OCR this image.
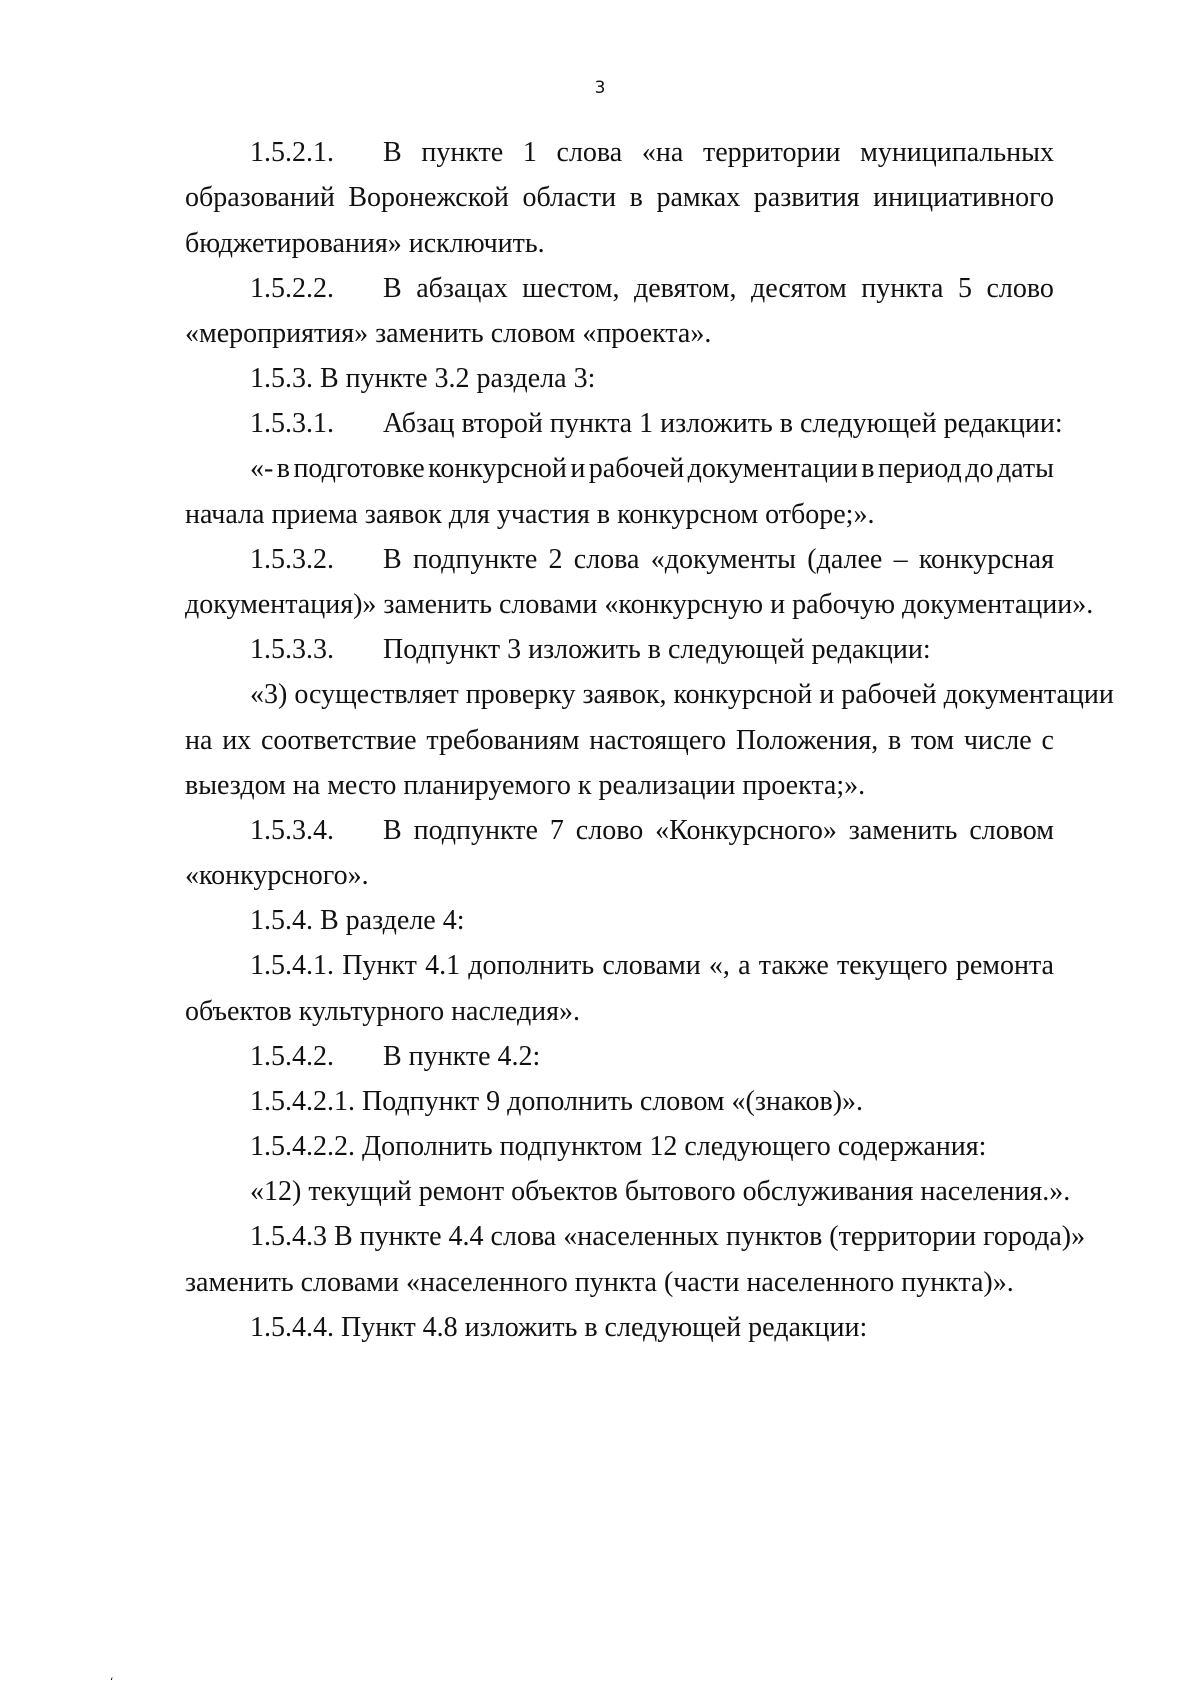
3
1.5.2.1. В пункте 1 слова «на территории муниципальных
образований Воронежской области в рамках развития инициативного
бюджетирования» исключить.
1.5.2.2. В абзацах шестом, девятом, десятом пункта 5 слово
«мероприятия» заменить словом «проекта».
1.5.3. В пункте 3.2 раздела 3:
1.5.3.1. Абзац второй пункта 1 изложить в следующей редакции:
«- в подготовке конкурсной и рабочей документации в период до даты
начала приема заявок для участия в конкурсном отборе;».
1.5.3.2. В подпункте 2 слова «документы (далее – конкурсная
документация)» заменить словами «конкурсную и рабочую документации».
1.5.3.3. Подпункт 3 изложить в следующей редакции:
«3) осуществляет проверку заявок, конкурсной и рабочей документации
на их соответствие требованиям настоящего Положения, в том числе с
выездом на место планируемого к реализации проекта;».
1.5.3.4. В подпункте 7 слово «Конкурсного» заменить словом
«конкурсного».
1.5.4. В разделе 4:
1.5.4.1. Пункт 4.1 дополнить словами «, а также текущего ремонта
объектов культурного наследия».
1.5.4.2. В пункте 4.2:
1.5.4.2.1. Подпункт 9 дополнить словом «(знаков)».
1.5.4.2.2. Дополнить подпунктом 12 следующего содержания:
«12) текущий ремонт объектов бытового обслуживания населения.».
1.5.4.3 В пункте 4.4 слова «населенных пунктов (территории города)»
заменить словами «населенного пункта (части населенного пункта)».
1.5.4.4. Пункт 4.8 изложить в следующей редакции:
ʻ
